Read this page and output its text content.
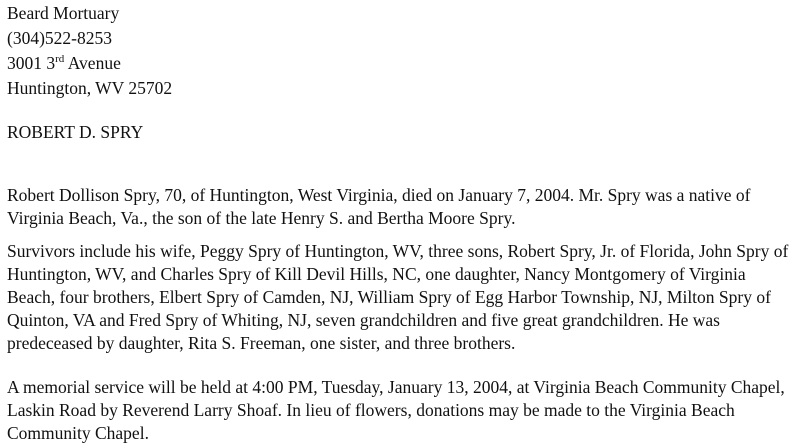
Beard Mortuary
(304)522-8253
3001 3rd Avenue
Huntington, WV 25702
ROBERT D. SPRY

Robert Dollison Spry, 70, of Huntington, West Virginia, died on January 7, 2004. Mr. Spry was a native of Virginia Beach, Va., the son of the late Henry S. and Bertha Moore Spry.

Survivors include his wife, Peggy Spry of Huntington, WV, three sons, Robert Spry, Jr. of Florida, John Spry of Huntington, WV, and Charles Spry of Kill Devil Hills, NC, one daughter, Nancy Montgomery of Virginia Beach, four brothers, Elbert Spry of Camden, NJ, William Spry of Egg Harbor Township, NJ, Milton Spry of Quinton, VA and Fred Spry of Whiting, NJ, seven grandchildren and five great grandchildren. He was predeceased by daughter, Rita S. Freeman, one sister, and three brothers.

A memorial service will be held at 4:00 PM, Tuesday, January 13, 2004, at Virginia Beach Community Chapel, Laskin Road by Reverend Larry Shoaf. In lieu of flowers, donations may be made to the Virginia Beach Community Chapel.
